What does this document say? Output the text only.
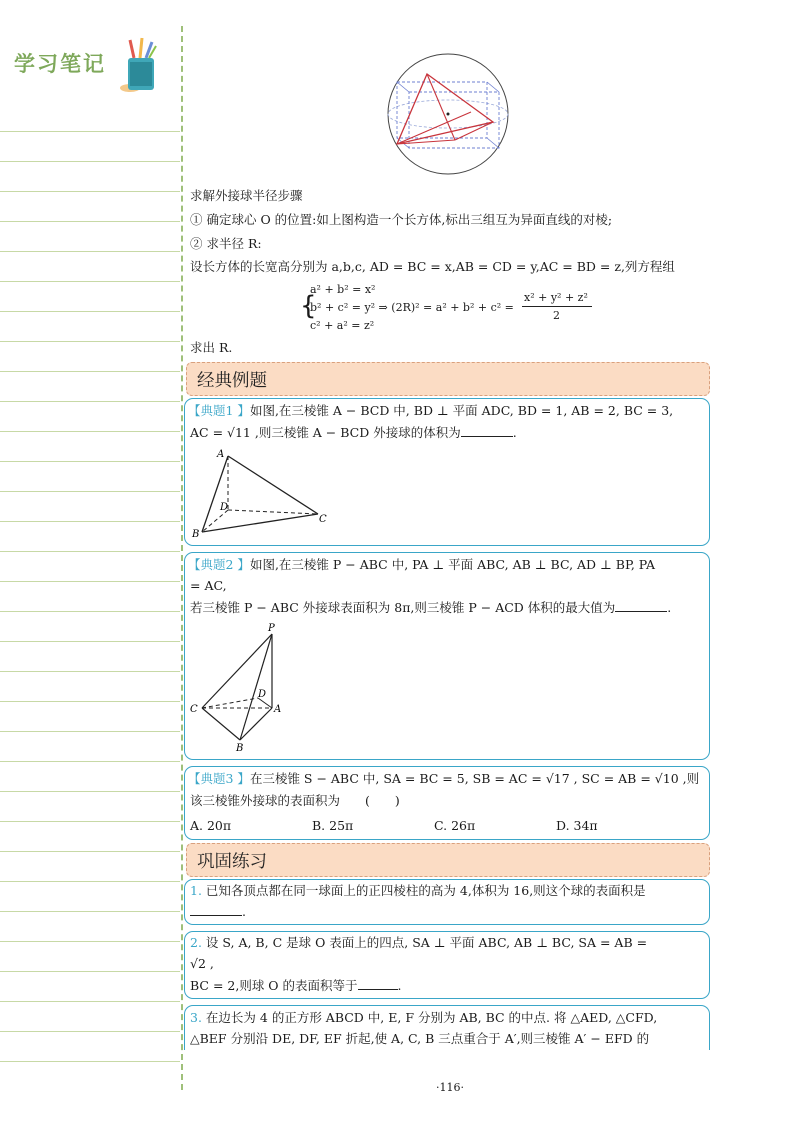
学习笔记
求解外接球半径步骤
① 确定球心 O 的位置:如上图构造一个长方体,标出三组互为异面直线的对棱;
② 求半径 R:
设长方体的长宽高分别为 a,b,c, AD = BC = x,AB = CD = y,AC = BD = z,列方程组
{
a² + b² = x²
b² + c² = y² ⇒ (2R)² = a² + b² + c² =
c² + a² = z²
x² + y² + z²
2
求出 R.
经典例题
【典题1 】如图,在三棱锥 A − BCD 中, BD ⊥ 平面 ADC, BD = 1, AB = 2, BC = 3,
AC = √11 ,则三棱锥 A − BCD 外接球的体积为	.
A
B
C
D
【典题2 】如图,在三棱锥 P − ABC 中, PA ⊥ 平面 ABC, AB ⊥ BC, AD ⊥ BP, PA
= AC,
若三棱锥 P − ABC 外接球表面积为 8π,则三棱锥 P − ACD 体积的最大值为	.
P
C	A
B
D
【典题3 】在三棱锥 S − ABC 中, SA = BC = 5, SB = AC = √17 , SC = AB = √10 ,则
该三棱锥外接球的表面积为　　(　　)
A. 20π	B. 25π	C. 26π	D. 34π
巩固练习
1. 已知各顶点都在同一球面上的正四棱柱的高为 4,体积为 16,则这个球的表面积是
.
2. 设 S, A, B, C 是球 O 表面上的四点, SA ⊥ 平面 ABC, AB ⊥ BC, SA = AB =
√2 ,
BC = 2,则球 O 的表面积等于	.
3. 在边长为 4 的正方形 ABCD 中, E, F 分别为 AB, BC 的中点. 将 △AED, △CFD,
△BEF 分别沿 DE, DF, EF 折起,使 A, C, B 三点重合于 A′,则三棱锥 A′ − EFD 的
·116·
